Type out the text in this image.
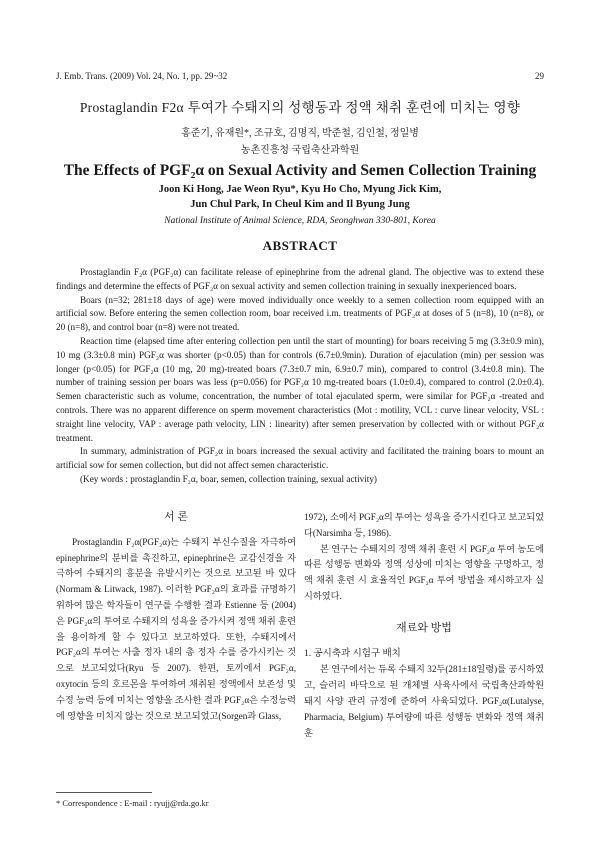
J. Emb. Trans. (2009) Vol. 24, No. 1, pp. 29~32	29
Prostaglandin F2α 투여가 수퇘지의 성행동과 정액 채취 훈련에 미치는 영향
홍준기, 유재원*, 조규호, 김명직, 박준철, 김인철, 정일병
농촌진흥청 국립축산과학원
The Effects of PGF₂α on Sexual Activity and Semen Collection Training
Joon Ki Hong, Jae Weon Ryu*, Kyu Ho Cho, Myung Jick Kim,
Jun Chul Park, In Cheul Kim and Il Byung Jung
National Institute of Animal Science, RDA, Seonghwan 330-801, Korea
ABSTRACT

Prostaglandin F₂α (PGF₂α) can facilitate release of epinephrine from the adrenal gland. The objective was to extend these findings and determine the effects of PGF₂α on sexual activity and semen collection training in sexually inexperienced boars.

Boars (n=32; 281±18 days of age) were moved individually once weekly to a semen collection room equipped with an artificial sow. Before entering the semen collection room, boar received i.m. treatments of PGF₂α at doses of 5 (n=8), 10 (n=8), or 20 (n=8), and control boar (n=8) were not treated.

Reaction time (elapsed time after entering collection pen until the start of mounting) for boars receiving 5 mg (3.3±0.9 min), 10 mg (3.3±0.8 min) PGF₂α was shorter (p<0.05) than for controls (6.7±0.9min). Duration of ejaculation (min) per session was longer (p<0.05) for PGF₂α (10 mg, 20 mg)-treated boars (7.3±0.7 min, 6.9±0.7 min), compared to control (3.4±0.8 min). The number of training session per boars was less (p=0.056) for PGF₂α 10 mg-treated boars (1.0±0.4), compared to control (2.0±0.4). Semen characteristic such as volume, concentration, the number of total ejaculated sperm, were similar for PGF₂α -treated and controls. There was no apparent difference on sperm movement characteristics (Mot : motility, VCL : curve linear velocity, VSL : straight line velocity, VAP : average path velocity, LIN : linearity) after semen preservation by collected with or without PGF₂α treatment.

In summary, administration of PGF₂α in boars increased the sexual activity and facilitated the training boars to mount an artificial sow for semen collection, but did not affect semen characteristic.

(Key words : prostaglandin F₂α, boar, semen, collection training, sexual activity)

서 론

Prostaglandin F₂α(PGF₂α)는 수퇘지 부신수질을 자극하여 epinephrine의 분비를 촉진하고, epinephrine은 교감신경을 자극하여 수퇘지의 흥분을 유발시키는 것으로 보고된 바 있다 (Normam & Litwack, 1987). 이러한 PGF₂α의 효과를 규명하기 위하여 많은 학자들이 연구를 수행한 결과 Estienne 등 (2004)은 PGF₂α의 투여로 수퇘지의 성욕을 증가시켜 정액 채취 훈련을 용이하게 할 수 있다고 보고하였다. 또한, 수퇘지에서 PGF₂α의 투여는 사출 정자 내의 총 정자 수를 증가시키는 것으로 보고되었다(Ryu 등 2007). 한편, 토끼에서 PGF₂α, oxytocin 등의 호르몬을 투여하여 채취된 정액에서 보존성 및 수정 능력 등에 미치는 영향을 조사한 결과 PGF₂α은 수정능력에 영향을 미치지 않는 것으로 보고되었고(Sorgen과 Glass,

1972), 소에서 PGF₂α의 투여는 성욕을 증가시킨다고 보고되었다(Narsimha 등, 1986).

본 연구는 수퇘지의 정액 채취 훈련 시 PGF₂α 투여 농도에 따른 성행동 변화와 정액 성상에 미치는 영향을 구명하고, 정액 채취 훈련 시 효율적인 PGF₂α 투여 방법을 제시하고자 실시하였다.

재료와 방법

1. 공시축과 시험구 배치

본 연구에서는 듀록 수퇘지 32두(281±18일령)를 공시하였고, 슬러리 바닥으로 된 개체별 사육사에서 국립축산과학원 돼지 사양 관리 규정에 준하여 사육되었다. PGF₂α(Lutalyse, Pharmacia, Belgium) 투여량에 따른 성행동 변화와 정액 채취 훈

* Correspondence : E-mail : ryujj@rda.go.kr
